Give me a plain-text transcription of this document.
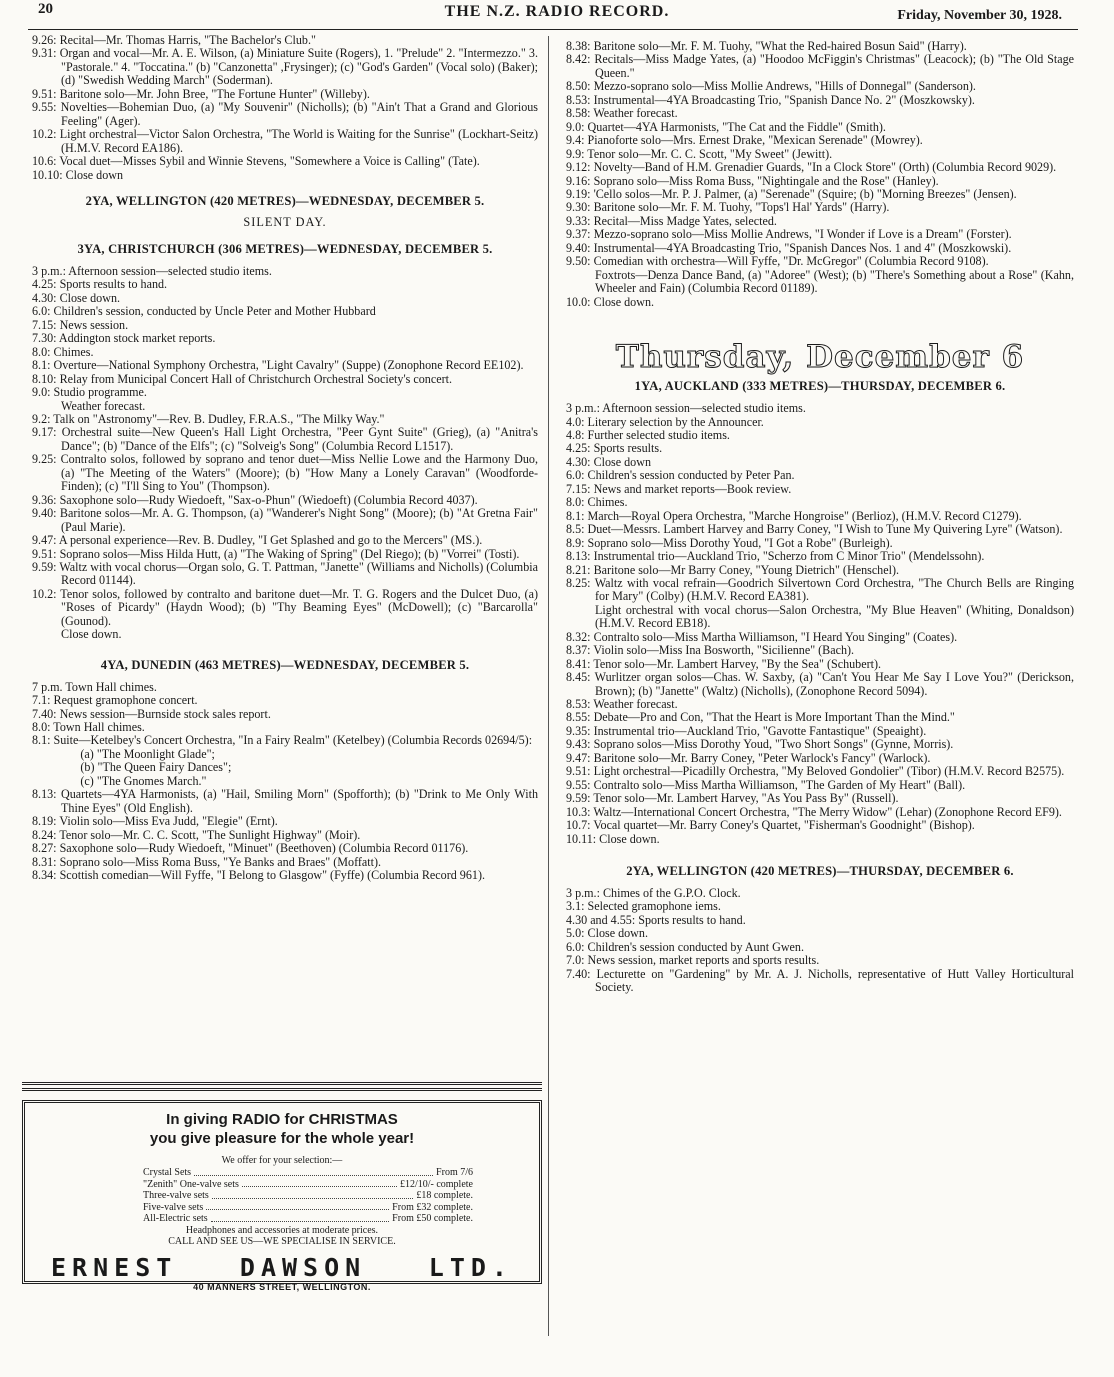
20	THE N.Z. RADIO RECORD.	Friday, November 30, 1928.
9.26: Recital—Mr. Thomas Harris, "The Bachelor's Club."
9.31: Organ and vocal—Mr. A. E. Wilson, (a) Miniature Suite (Rogers), 1. "Prelude" 2. "Intermezzo." 3. "Pastorale." 4. "Toccatina." (b) "Canzonetta" ,Frysinger); (c) "God's Garden" (Vocal solo) (Baker); (d) "Swedish Wedding March" (Soderman).
9.51: Baritone solo—Mr. John Bree, "The Fortune Hunter" (Willeby).
9.55: Novelties—Bohemian Duo, (a) "My Souvenir" (Nicholls); (b) "Ain't That a Grand and Glorious Feeling" (Ager).
10.2: Light orchestral—Victor Salon Orchestra, "The World is Waiting for the Sunrise" (Lockhart-Seitz) (H.M.V. Record EA186).
10.6: Vocal duet—Misses Sybil and Winnie Stevens, "Somewhere a Voice is Calling" (Tate).
10.10: Close down
2YA, WELLINGTON (420 METRES)—WEDNESDAY, DECEMBER 5.
SILENT DAY.
3YA, CHRISTCHURCH (306 METRES)—WEDNESDAY, DECEMBER 5.
3 p.m.: Afternoon session—selected studio items.
4.25: Sports results to hand.
4.30: Close down.
6.0: Children's session, conducted by Uncle Peter and Mother Hubbard
7.15: News session.
7.30: Addington stock market reports.
8.0: Chimes.
8.1: Overture—National Symphony Orchestra, "Light Cavalry" (Suppe) (Zonophone Record EE102).
8.10: Relay from Municipal Concert Hall of Christchurch Orchestral Society's concert.
9.0: Studio programme.
Weather forecast.
9.2: Talk on "Astronomy"—Rev. B. Dudley, F.R.A.S., "The Milky Way."
9.17: Orchestral suite—New Queen's Hall Light Orchestra, "Peer Gynt Suite" (Grieg), (a) "Anitra's Dance"; (b) "Dance of the Elfs"; (c) "Solveig's Song" (Columbia Record L1517).
9.25: Contralto solos, followed by soprano and tenor duet—Miss Nellie Lowe and the Harmony Duo, (a) "The Meeting of the Waters" (Moore); (b) "How Many a Lonely Caravan" (Woodforde-Finden); (c) "I'll Sing to You" (Thompson).
9.36: Saxophone solo—Rudy Wiedoeft, "Sax-o-Phun" (Wiedoeft) (Columbia Record 4037).
9.40: Baritone solos—Mr. A. G. Thompson, (a) "Wanderer's Night Song" (Moore); (b) "At Gretna Fair" (Paul Marie).
9.47: A personal experience—Rev. B. Dudley, "I Get Splashed and go to the Mercers" (MS.).
9.51: Soprano solos—Miss Hilda Hutt, (a) "The Waking of Spring" (Del Riego); (b) "Vorrei" (Tosti).
9.59: Waltz with vocal chorus—Organ solo, G. T. Pattman, "Janette" (Williams and Nicholls) (Columbia Record 01144).
10.2: Tenor solos, followed by contralto and baritone duet—Mr. T. G. Rogers and the Dulcet Duo, (a) "Roses of Picardy" (Haydn Wood); (b) "Thy Beaming Eyes" (McDowell); (c) "Barcarolla" (Gounod).
Close down.
4YA, DUNEDIN (463 METRES)—WEDNESDAY, DECEMBER 5.
7 p.m. Town Hall chimes.
7.1: Request gramophone concert.
7.40: News session—Burnside stock sales report.
8.0: Town Hall chimes.
8.1: Suite—Ketelbey's Concert Orchestra, "In a Fairy Realm" (Ketelbey) (Columbia Records 02694/5):
(a) "The Moonlight Glade";
(b) "The Queen Fairy Dances";
(c) "The Gnomes March."
8.13: Quartets—4YA Harmonists, (a) "Hail, Smiling Morn" (Spofforth); (b) "Drink to Me Only With Thine Eyes" (Old English).
8.19: Violin solo—Miss Eva Judd, "Elegie" (Ernt).
8.24: Tenor solo—Mr. C. C. Scott, "The Sunlight Highway" (Moir).
8.27: Saxophone solo—Rudy Wiedoeft, "Minuet" (Beethoven) (Columbia Record 01176).
8.31: Soprano solo—Miss Roma Buss, "Ye Banks and Braes" (Moffatt).
8.34: Scottish comedian—Will Fyffe, "I Belong to Glasgow" (Fyffe) (Columbia Record 961).
In giving RADIO for CHRISTMAS
you give pleasure for the whole year!
We offer for your selection:—
Crystal Sets	From 7/6
"Zenith" One-valve sets	£12/10/- complete
Three-valve sets	£18 complete.
Five-valve sets	From £32 complete.
All-Electric sets	From £50 complete.
Headphones and accessories at moderate prices.
CALL AND SEE US—WE SPECIALISE IN SERVICE.
ERNEST	DAWSON	LTD.
40 MANNERS STREET, WELLINGTON.
8.38: Baritone solo—Mr. F. M. Tuohy, "What the Red-haired Bosun Said" (Harry).
8.42: Recitals—Miss Madge Yates, (a) "Hoodoo McFiggin's Christmas" (Leacock); (b) "The Old Stage Queen."
8.50: Mezzo-soprano solo—Miss Mollie Andrews, "Hills of Donnegal" (Sanderson).
8.53: Instrumental—4YA Broadcasting Trio, "Spanish Dance No. 2" (Moszkowsky).
8.58: Weather forecast.
9.0: Quartet—4YA Harmonists, "The Cat and the Fiddle" (Smith).
9.4: Pianoforte solo—Mrs. Ernest Drake, "Mexican Serenade" (Mowrey).
9.9: Tenor solo—Mr. C. C. Scott, "My Sweet" (Jewitt).
9.12: Novelty—Band of H.M. Grenadier Guards, "In a Clock Store" (Orth) (Columbia Record 9029).
9.16: Soprano solo—Miss Roma Buss, "Nightingale and the Rose" (Hanley).
9.19: 'Cello solos—Mr. P. J. Palmer, (a) "Serenade" (Squire; (b) "Morning Breezes" (Jensen).
9.30: Baritone solo—Mr. F. M. Tuohy, "Tops'l Hal' Yards" (Harry).
9.33: Recital—Miss Madge Yates, selected.
9.37: Mezzo-soprano solo—Miss Mollie Andrews, "I Wonder if Love is a Dream" (Forster).
9.40: Instrumental—4YA Broadcasting Trio, "Spanish Dances Nos. 1 and 4" (Moszkowski).
9.50: Comedian with orchestra—Will Fyffe, "Dr. McGregor" (Columbia Record 9108).
Foxtrots—Denza Dance Band, (a) "Adoree" (West); (b) "There's Something about a Rose" (Kahn, Wheeler and Fain) (Columbia Record 01189).
10.0: Close down.
Thursday, December 6
1YA, AUCKLAND (333 METRES)—THURSDAY, DECEMBER 6.
3 p.m.: Afternoon session—selected studio items.
4.0: Literary selection by the Announcer.
4.8: Further selected studio items.
4.25: Sports results.
4.30: Close down
6.0: Children's session conducted by Peter Pan.
7.15: News and market reports—Book review.
8.0: Chimes.
8.1: March—Royal Opera Orchestra, "Marche Hongroise" (Berlioz), (H.M.V. Record C1279).
8.5: Duet—Messrs. Lambert Harvey and Barry Coney, "I Wish to Tune My Quivering Lyre" (Watson).
8.9: Soprano solo—Miss Dorothy Youd, "I Got a Robe" (Burleigh).
8.13: Instrumental trio—Auckland Trio, "Scherzo from C Minor Trio" (Mendelssohn).
8.21: Baritone solo—Mr Barry Coney, "Young Dietrich" (Henschel).
8.25: Waltz with vocal refrain—Goodrich Silvertown Cord Orchestra, "The Church Bells are Ringing for Mary" (Colby) (H.M.V. Record EA381).
Light orchestral with vocal chorus—Salon Orchestra, "My Blue Heaven" (Whiting, Donaldson) (H.M.V. Record EB18).
8.32: Contralto solo—Miss Martha Williamson, "I Heard You Singing" (Coates).
8.37: Violin solo—Miss Ina Bosworth, "Sicilienne" (Bach).
8.41: Tenor solo—Mr. Lambert Harvey, "By the Sea" (Schubert).
8.45: Wurlitzer organ solos—Chas. W. Saxby, (a) "Can't You Hear Me Say I Love You?" (Derickson, Brown); (b) "Janette" (Waltz) (Nicholls), (Zonophone Record 5094).
8.53: Weather forecast.
8.55: Debate—Pro and Con, "That the Heart is More Important Than the Mind."
9.35: Instrumental trio—Auckland Trio, "Gavotte Fantastique" (Speaight).
9.43: Soprano solos—Miss Dorothy Youd, "Two Short Songs" (Gynne, Morris).
9.47: Baritone solo—Mr. Barry Coney, "Peter Warlock's Fancy" (Warlock).
9.51: Light orchestral—Picadilly Orchestra, "My Beloved Gondolier" (Tibor) (H.M.V. Record B2575).
9.55: Contralto solo—Miss Martha Williamson, "The Garden of My Heart" (Ball).
9.59: Tenor solo—Mr. Lambert Harvey, "As You Pass By" (Russell).
10.3: Waltz—International Concert Orchestra, "The Merry Widow" (Lehar) (Zonophone Record EF9).
10.7: Vocal quartet—Mr. Barry Coney's Quartet, "Fisherman's Goodnight" (Bishop).
10.11: Close down.
2YA, WELLINGTON (420 METRES)—THURSDAY, DECEMBER 6.
3 p.m.: Chimes of the G.P.O. Clock.
3.1: Selected gramophone iems.
4.30 and 4.55: Sports results to hand.
5.0: Close down.
6.0: Children's session conducted by Aunt Gwen.
7.0: News session, market reports and sports results.
7.40: Lecturette on "Gardening" by Mr. A. J. Nicholls, representative of Hutt Valley Horticultural Society.
